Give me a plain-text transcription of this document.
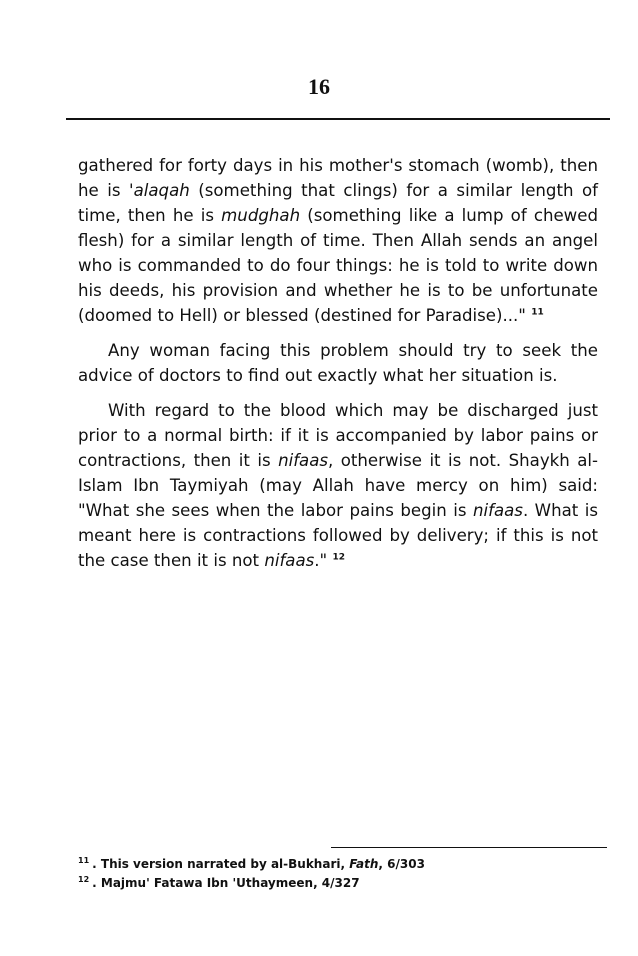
16

gathered for forty days in his mother's stomach (womb), then he is 'alaqah (something that clings) for a similar length of time, then he is mudghah (something like a lump of chewed flesh) for a similar length of time. Then Allah sends an angel who is commanded to do four things: he is told to write down his deeds, his provision and whether he is to be unfortunate (doomed to Hell) or blessed (destined for Paradise)..." $^{11}$

Any woman facing this problem should try to seek the advice of doctors to find out exactly what her situation is.

With regard to the blood which may be discharged just prior to a normal birth: if it is accompanied by labor pains or contractions, then it is nifaas, otherwise it is not. Shaykh al-Islam Ibn Taymiyah (may Allah have mercy on him) said: "What she sees when the labor pains begin is nifaas. What is meant here is contractions followed by delivery; if this is not the case then it is not nifaas." $^{12}$

$^{11}$ . This version narrated by al-Bukhari, Fath, 6/303
$^{12}$ . Majmu' Fatawa Ibn 'Uthaymeen, 4/327
